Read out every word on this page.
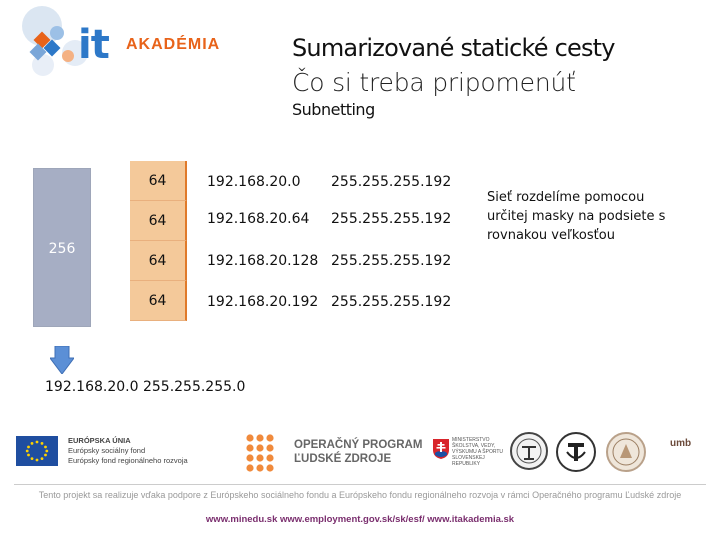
it AKADÉMIA	Sumarizované statické cesty
Čo si treba pripomenúť
Subnetting
256
64
64
64
64
192.168.20.0 255.255.255.192
192.168.20.64 255.255.255.192
192.168.20.128 255.255.255.192
192.168.20.192 255.255.255.192
192.168.20.0 255.255.255.0
Sieť rozdelíme pomocou určitej masky na podsiete s rovnakou veľkosťou
EURÓPSKA ÚNIA
Európsky sociálny fond
Európsky fond regionálneho rozvoja
OPERAČNÝ PROGRAM
ĽUDSKÉ ZDROJE
MINISTERSTVO
ŠKOLSTVA, VEDY,
VÝSKUMU A ŠPORTU
SLOVENSKEJ REPUBLIKY
umb
Tento projekt sa realizuje vďaka podpore z Európskeho sociálneho fondu a Európskeho fondu regionálneho rozvoja v rámci Operačného programu Ľudské zdroje
www.minedu.sk www.employment.gov.sk/sk/esf/ www.itakademia.sk
